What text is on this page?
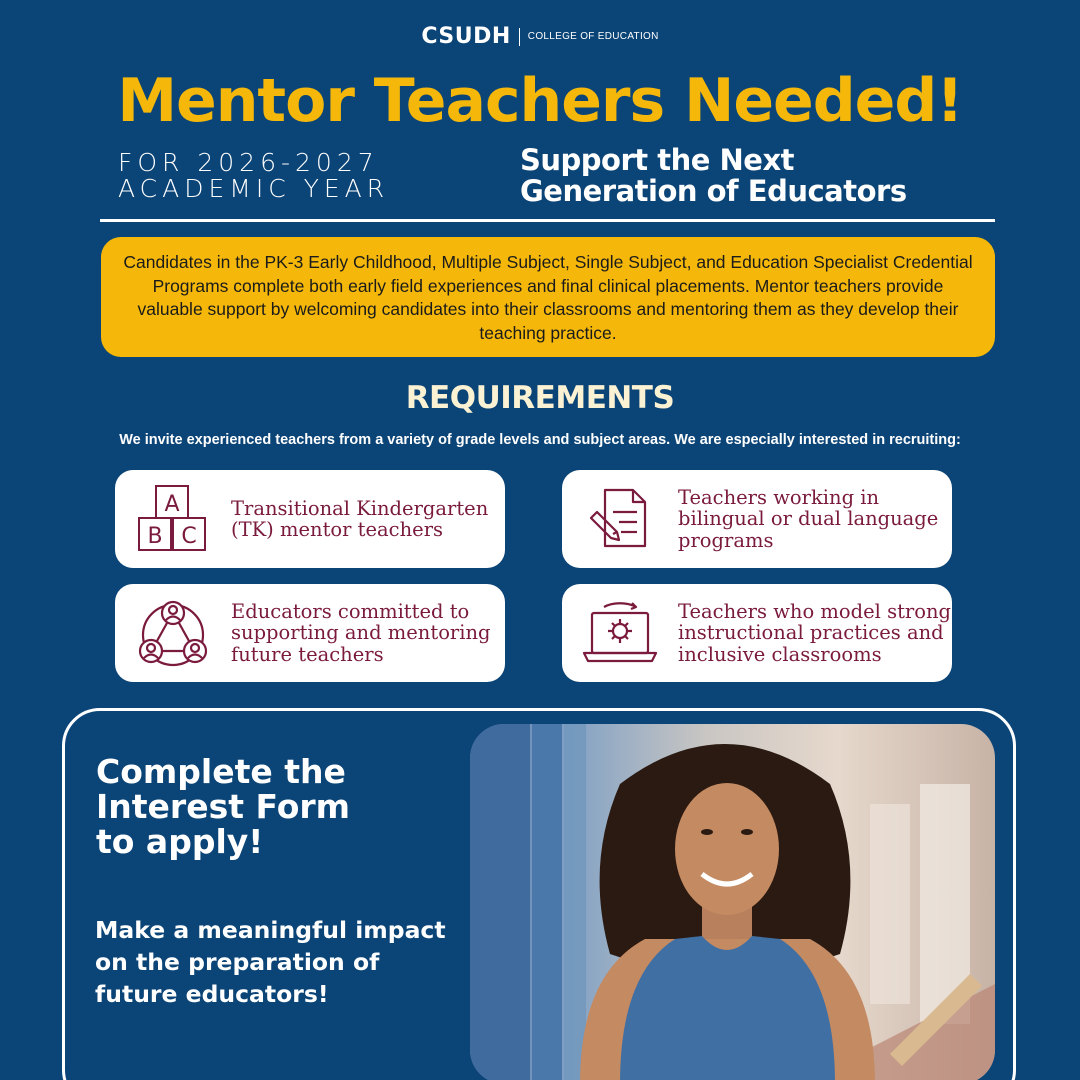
CSUDH COLLEGE OF EDUCATION
Mentor Teachers Needed!
FOR 2026-2027
ACADEMIC YEAR
Support the Next
Generation of Educators
Candidates in the PK-3 Early Childhood, Multiple Subject, Single Subject, and Education Specialist Credential Programs complete both early field experiences and final clinical placements. Mentor teachers provide valuable support by welcoming candidates into their classrooms and mentoring them as they develop their teaching practice.
REQUIREMENTS
We invite experienced teachers from a variety of grade levels and subject areas. We are especially interested in recruiting:
A
B C
Transitional Kindergarten (TK) mentor teachers
Teachers working in bilingual or dual language programs
Educators committed to supporting and mentoring future teachers
Teachers who model strong instructional practices and inclusive classrooms
Complete the
Interest Form
to apply!
Make a meaningful impact on the preparation of future educators!
